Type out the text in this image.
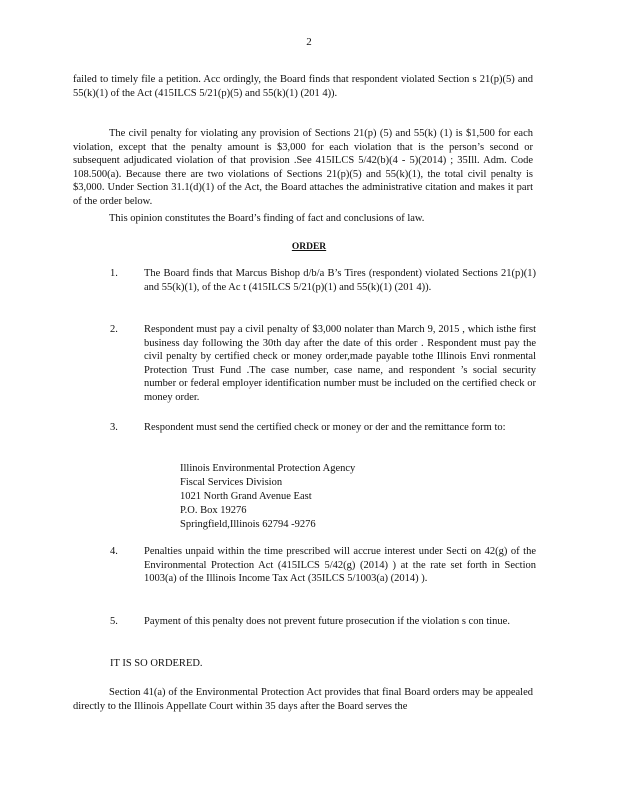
2

failed to timely file a petition. Acc ordingly, the Board finds that respondent violated Section s 21(p)(5) and 55(k)(1) of the Act (415ILCS 5/21(p)(5) and 55(k)(1) (201 4)).

The civil penalty for violating any provision of Sections 21(p) (5) and 55(k) (1) is $1,500 for each violation, except that the penalty amount is $3,000 for each violation that is the person’s second or subsequent adjudicated violation of that provision .See 415ILCS 5/42(b)(4 - 5)(2014) ; 35Ill. Adm. Code 108.500(a). Because there are two violations of Sections 21(p)(5) and 55(k)(1), the total civil penalty is $3,000. Under Section 31.1(d)(1) of the Act, the Board attaches the administrative citation and makes it part of the order below.

This opinion constitutes the Board’s finding of fact and conclusions of law.

ORDER
1.	The Board finds that Marcus Bishop d/b/a B’s Tires (respondent) violated Sections 21(p)(1) and 55(k)(1), of the Ac t (415ILCS 5/21(p)(1) and 55(k)(1) (201 4)).
2.	Respondent must pay a civil penalty of $3,000 nolater than March 9, 2015 , which isthe first business day following the 30th day after the date of this order . Respondent must pay the civil penalty by certified check or money order,made payable tothe Illinois Envi ronmental Protection Trust Fund .The case number, case name, and respondent ’s social security number or federal employer identification number must be included on the certified check or money order.
3.	Respondent must send the certified check or money or der and the remittance form to:
Illinois Environmental Protection Agency
Fiscal Services Division
1021 North Grand Avenue East
P.O. Box 19276
Springfield,Illinois 62794 -9276
4.	Penalties unpaid within the time prescribed will accrue interest under Secti on 42(g) of the Environmental Protection Act (415ILCS 5/42(g) (2014) ) at the rate set forth in Section 1003(a) of the Illinois Income Tax Act (35ILCS 5/1003(a) (2014) ).
5.	Payment of this penalty does not prevent future prosecution if the violation s con tinue.
IT IS SO ORDERED.

Section 41(a) of the Environmental Protection Act provides that final Board orders may be appealed directly to the Illinois Appellate Court within 35 days after the Board serves the
